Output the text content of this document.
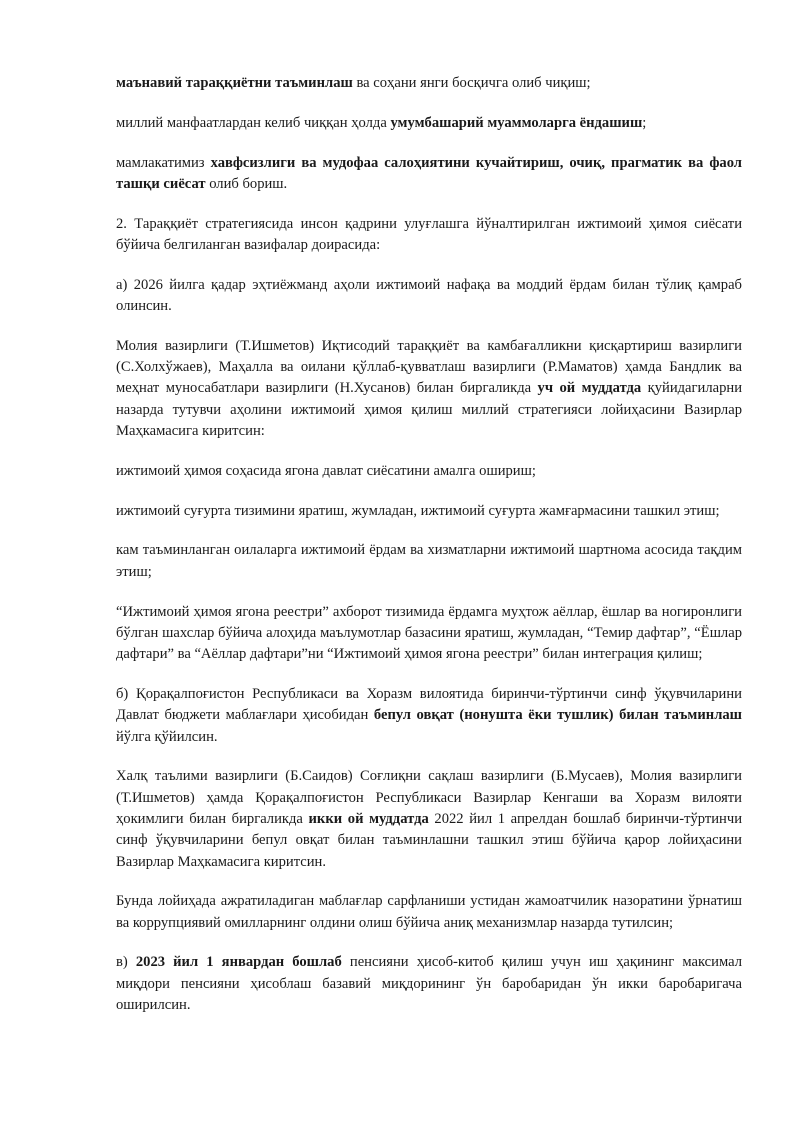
маънавий тараққиётни таъминлаш ва соҳани янги босқичга олиб чиқиш;

миллий манфаатлардан келиб чиққан ҳолда умумбашарий муаммоларга ёндашиш;

мамлакатимиз хавфсизлиги ва мудофаа салоҳиятини кучайтириш, очиқ, прагматик ва фаол ташқи сиёсат олиб бориш.

2. Тараққиёт стратегиясида инсон қадрини улуғлашга йўналтирилган ижтимоий ҳимоя сиёсати бўйича белгиланган вазифалар доирасида:

а) 2026 йилга қадар эҳтиёжманд аҳоли ижтимоий нафақа ва моддий ёрдам билан тўлиқ қамраб олинсин.

Молия вазирлиги (Т.Ишметов) Иқтисодий тараққиёт ва камбағалликни қисқартириш вазирлиги (С.Холхўжаев), Маҳалла ва оилани қўллаб-қувватлаш вазирлиги (Р.Маматов) ҳамда Бандлик ва меҳнат муносабатлари вазирлиги (Н.Хусанов) билан биргаликда уч ой муддатда қуйидагиларни назарда тутувчи аҳолини ижтимоий ҳимоя қилиш миллий стратегияси лойиҳасини Вазирлар Маҳкамасига киритсин:

ижтимоий ҳимоя соҳасида ягона давлат сиёсатини амалга ошириш;

ижтимоий суғурта тизимини яратиш, жумладан, ижтимоий суғурта жамғармасини ташкил этиш;

кам таъминланган оилаларга ижтимоий ёрдам ва хизматларни ижтимоий шартнома асосида тақдим этиш;

“Ижтимоий ҳимоя ягона реестри” ахборот тизимида ёрдамга муҳтож аёллар, ёшлар ва ногиронлиги бўлган шахслар бўйича алоҳида маълумотлар базасини яратиш, жумладан, “Темир дафтар”, “Ёшлар дафтари” ва “Аёллар дафтари”ни “Ижтимоий ҳимоя ягона реестри” билан интеграция қилиш;

б) Қорақалпоғистон Республикаси ва Хоразм вилоятида биринчи-тўртинчи синф ўқувчиларини Давлат бюджети маблағлари ҳисобидан бепул овқат (нонушта ёки тушлик) билан таъминлаш йўлга қўйилсин.

Халқ таълими вазирлиги (Б.Саидов) Соғлиқни сақлаш вазирлиги (Б.Мусаев), Молия вазирлиги (Т.Ишметов) ҳамда Қорақалпоғистон Республикаси Вазирлар Кенгаши ва Хоразм вилояти ҳокимлиги билан биргаликда икки ой муддатда 2022 йил 1 апрелдан бошлаб биринчи-тўртинчи синф ўқувчиларини бепул овқат билан таъминлашни ташкил этиш бўйича қарор лойиҳасини Вазирлар Маҳкамасига киритсин.

Бунда лойиҳада ажратиладиган маблағлар сарфланиши устидан жамоатчилик назоратини ўрнатиш ва коррупциявий омилларнинг олдини олиш бўйича аниқ механизмлар назарда тутилсин;

в) 2023 йил 1 январдан бошлаб пенсияни ҳисоб-китоб қилиш учун иш ҳақининг максимал миқдори пенсияни ҳисоблаш базавий миқдорининг ўн баробаридан ўн икки баробаригача оширилсин.
